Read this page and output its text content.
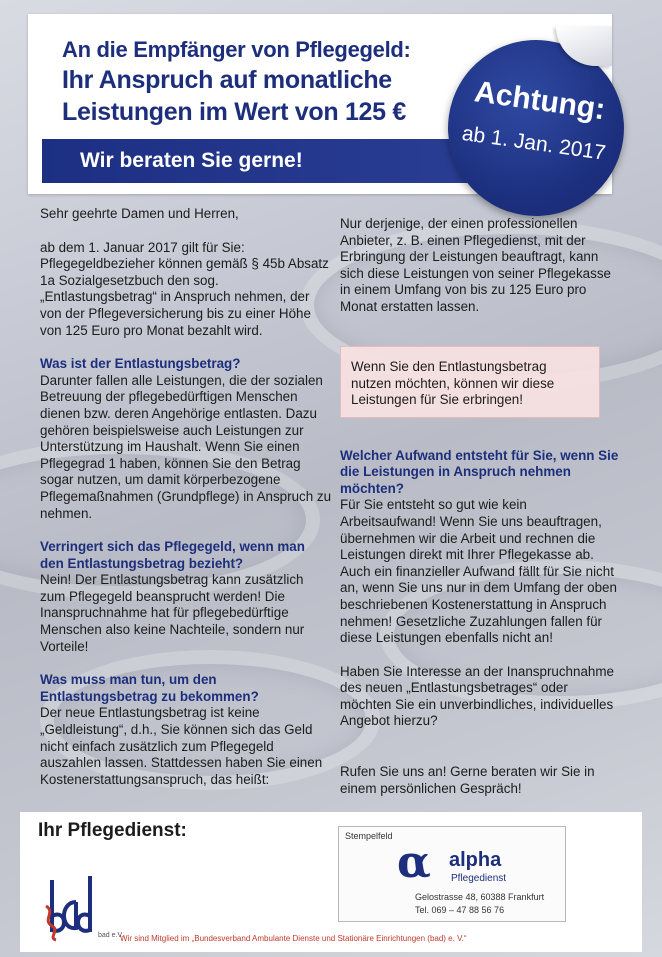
An die Empfänger von Pflegegeld:
Ihr Anspruch auf monatliche
Leistungen im Wert von 125 €
Wir beraten Sie gerne!
Achtung:
ab 1. Jan. 2017

Sehr geehrte Damen und Herren,

ab dem 1. Januar 2017 gilt für Sie: Pflegegeldbezieher können gemäß § 45b Absatz 1a Sozialgesetzbuch den sog. „Entlastungsbetrag“ in Anspruch nehmen, der von der Pflegeversicherung bis zu einer Höhe von 125 Euro pro Monat bezahlt wird.

Was ist der Entlastungsbetrag?

Darunter fallen alle Leistungen, die der sozialen Betreuung der pflegebedürftigen Menschen dienen bzw. deren Angehörige entlasten. Dazu gehören beispielsweise auch Leistungen zur Unterstützung im Haushalt. Wenn Sie einen Pflegegrad 1 haben, können Sie den Betrag sogar nutzen, um damit körperbezogene Pflegemaßnahmen (Grundpflege) in Anspruch zu nehmen.

Verringert sich das Pflegegeld, wenn man den Entlastungsbetrag bezieht?

Nein! Der Entlastungsbetrag kann zusätzlich zum Pflegegeld beansprucht werden! Die Inanspruchnahme hat für pflegebedürftige Menschen also keine Nachteile, sondern nur Vorteile!

Was muss man tun, um den Entlastungsbetrag zu bekommen?

Der neue Entlastungsbetrag ist keine „Geldleistung“, d.h., Sie können sich das Geld nicht einfach zusätzlich zum Pflegegeld auszahlen lassen. Stattdessen haben Sie einen Kostenerstattungsanspruch, das heißt:

Nur derjenige, der einen professionellen Anbieter, z. B. einen Pflegedienst, mit der Erbringung der Leistungen beauftragt, kann sich diese Leistungen von seiner Pflegekasse in einem Umfang von bis zu 125 Euro pro Monat erstatten lassen.

Welcher Aufwand entsteht für Sie, wenn Sie die Leistungen in Anspruch nehmen möchten?

Für Sie entsteht so gut wie kein Arbeitsaufwand! Wenn Sie uns beauftragen, übernehmen wir die Arbeit und rechnen die Leistungen direkt mit Ihrer Pflegekasse ab. Auch ein finanzieller Aufwand fällt für Sie nicht an, wenn Sie uns nur in dem Umfang der oben beschriebenen Kostenerstattung in Anspruch nehmen! Gesetzliche Zuzahlungen fallen für diese Leistungen ebenfalls nicht an!

Haben Sie Interesse an der Inanspruchnahme des neuen „Entlastungsbetrages“ oder möchten Sie ein unverbindliches, individuelles Angebot hierzu?

Rufen Sie uns an! Gerne beraten wir Sie in einem persönlichen Gespräch!

Wenn Sie den Entlastungsbetrag nutzen möchten, können wir diese Leistungen für Sie erbringen!
Ihr Pflegedienst:	Stempelfeld
α alpha
Pflegedienst
Gelostrasse 48, 60388 Frankfurt
Tel. 069 – 47 88 56 76
bad e.V.
Wir sind Mitglied im „Bundesverband Ambulante Dienste und Stationäre Einrichtungen (bad) e. V.“
